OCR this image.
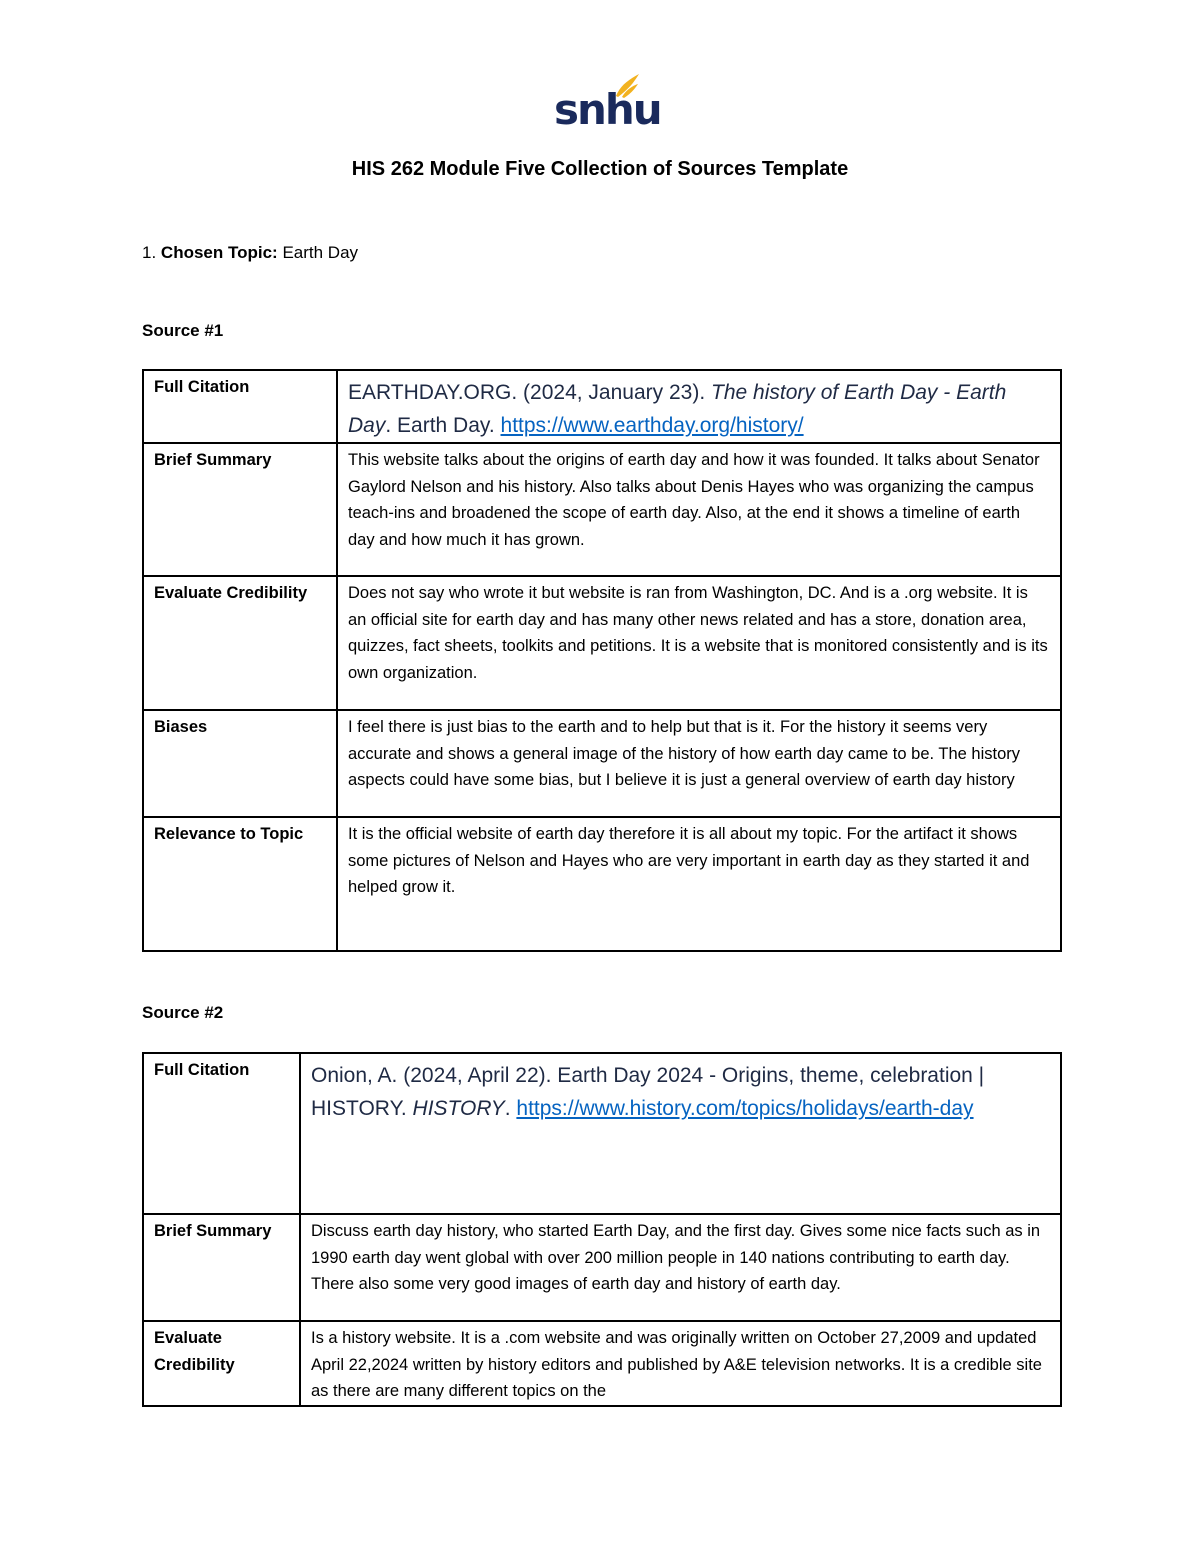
snhu
HIS 262 Module Five Collection of Sources Template
1. Chosen Topic: Earth Day
Source #1
Full Citation	EARTHDAY.ORG. (2024, January 23). The history of Earth Day - Earth Day. Earth Day. https://www.earthday.org/history/

Brief Summary	This website talks about the origins of earth day and how it was founded. It talks about Senator Gaylord Nelson and his history. Also talks about Denis Hayes who was organizing the campus teach-ins and broadened the scope of earth day. Also, at the end it shows a timeline of earth day and how much it has grown.
Evaluate Credibility	Does not say who wrote it but website is ran from Washington, DC. And is a .org website. It is an official site for earth day and has many other news related and has a store, donation area, quizzes, fact sheets, toolkits and petitions. It is a website that is monitored consistently and is its own organization.
Biases	I feel there is just bias to the earth and to help but that is it. For the history it seems very accurate and shows a general image of the history of how earth day came to be. The history aspects could have some bias, but I believe it is just a general overview of earth day history
Relevance to Topic	It is the official website of earth day therefore it is all about my topic. For the artifact it shows some pictures of Nelson and Hayes who are very important in earth day as they started it and helped grow it.
Source #2
Full Citation	Onion, A. (2024, April 22). Earth Day 2024 - Origins, theme, celebration | HISTORY. HISTORY. https://www.history.com/topics/holidays/earth-day

Brief Summary	Discuss earth day history, who started Earth Day, and the first day. Gives some nice facts such as in 1990 earth day went global with over 200 million people in 140 nations contributing to earth day. There also some very good images of earth day and history of earth day.
Evaluate Credibility	Is a history website. It is a .com website and was originally written on October 27,2009 and updated April 22,2024 written by history editors and published by A&E television networks. It is a credible site as there are many different topics on the
